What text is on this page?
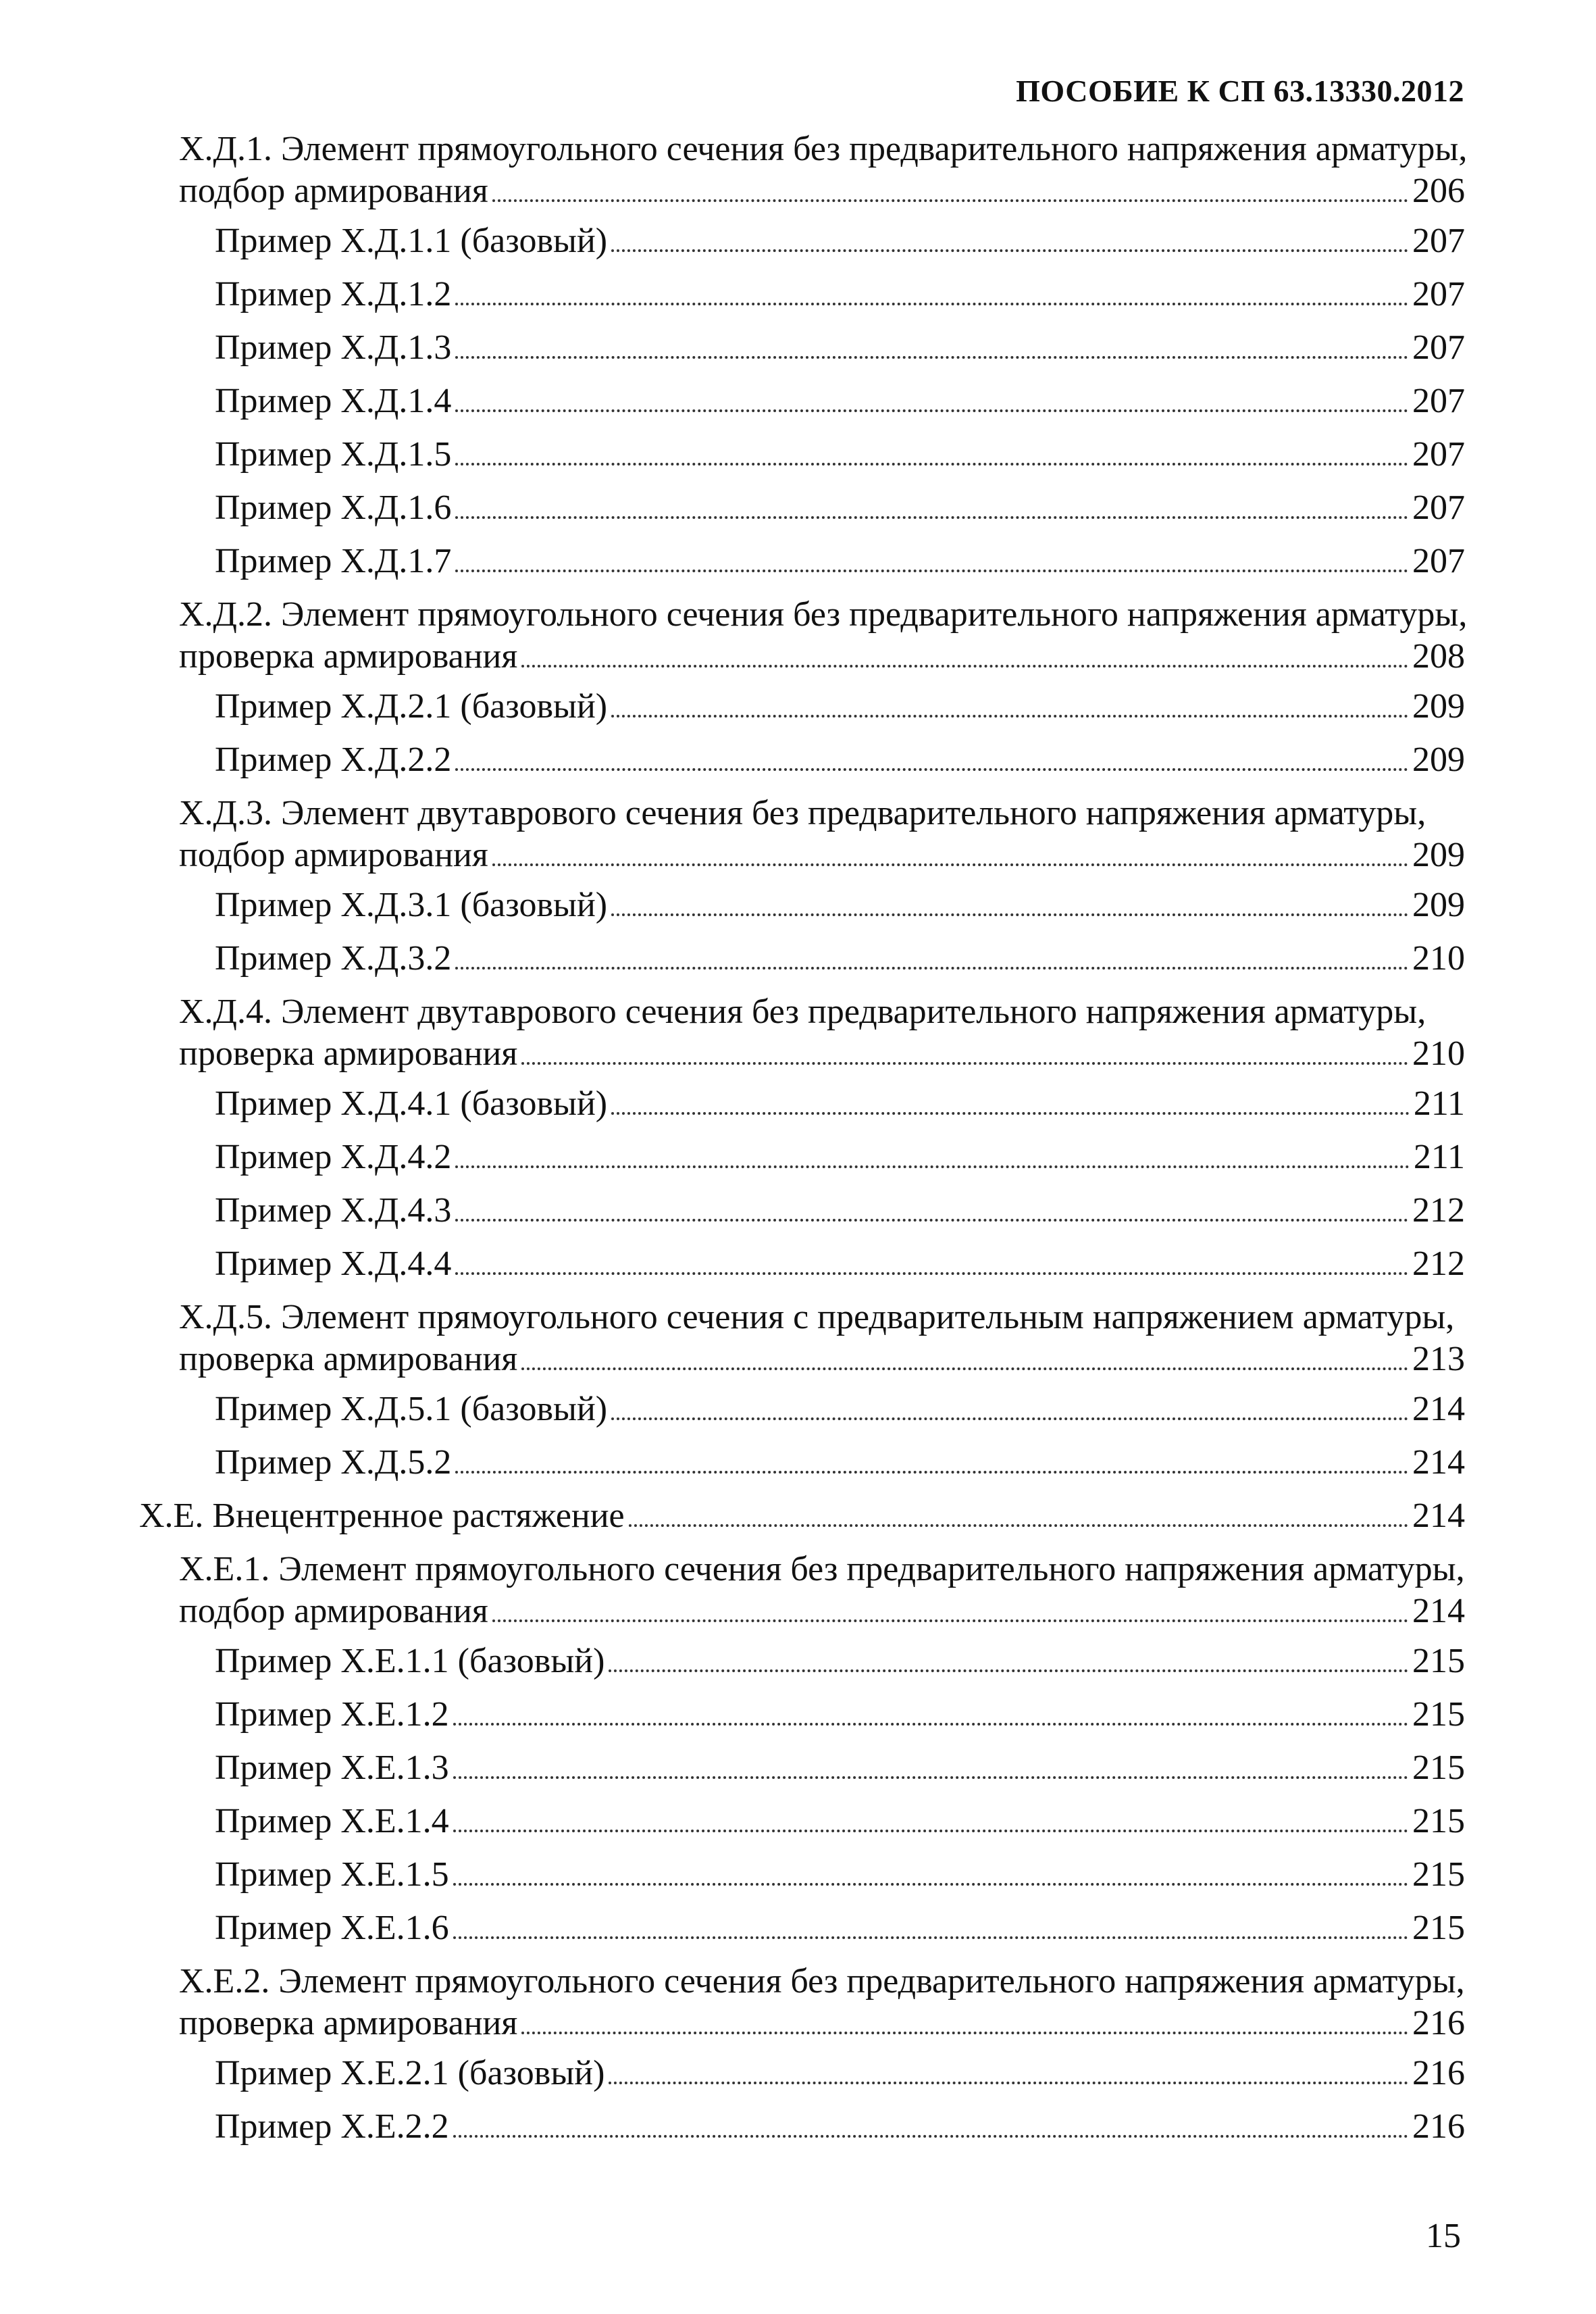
ПОСОБИЕ К СП 63.13330.2012
Х.Д.1. Элемент прямоугольного сечения без предварительного напряжения арматуры,
подбор армирования	206
Пример Х.Д.1.1 (базовый)	207
Пример Х.Д.1.2	207
Пример Х.Д.1.3	207
Пример Х.Д.1.4	207
Пример Х.Д.1.5	207
Пример Х.Д.1.6	207
Пример Х.Д.1.7	207
Х.Д.2. Элемент прямоугольного сечения без предварительного напряжения арматуры,
проверка армирования	208
Пример Х.Д.2.1 (базовый)	209
Пример Х.Д.2.2	209
Х.Д.3. Элемент двутаврового сечения без предварительного напряжения арматуры,
подбор армирования	209
Пример Х.Д.3.1 (базовый)	209
Пример Х.Д.3.2	210
Х.Д.4. Элемент двутаврового сечения без предварительного напряжения арматуры,
проверка армирования	210
Пример Х.Д.4.1 (базовый)	211
Пример Х.Д.4.2	211
Пример Х.Д.4.3	212
Пример Х.Д.4.4	212
Х.Д.5. Элемент прямоугольного сечения с предварительным напряжением арматуры,
проверка армирования	213
Пример Х.Д.5.1 (базовый)	214
Пример Х.Д.5.2	214
Х.Е. Внецентренное растяжение	214
Х.Е.1. Элемент прямоугольного сечения без предварительного напряжения арматуры,
подбор армирования	214
Пример Х.Е.1.1 (базовый)	215
Пример Х.Е.1.2	215
Пример Х.Е.1.3	215
Пример Х.Е.1.4	215
Пример Х.Е.1.5	215
Пример Х.Е.1.6	215
Х.Е.2. Элемент прямоугольного сечения без предварительного напряжения арматуры,
проверка армирования	216
Пример Х.Е.2.1 (базовый)	216
Пример Х.Е.2.2	216
15
